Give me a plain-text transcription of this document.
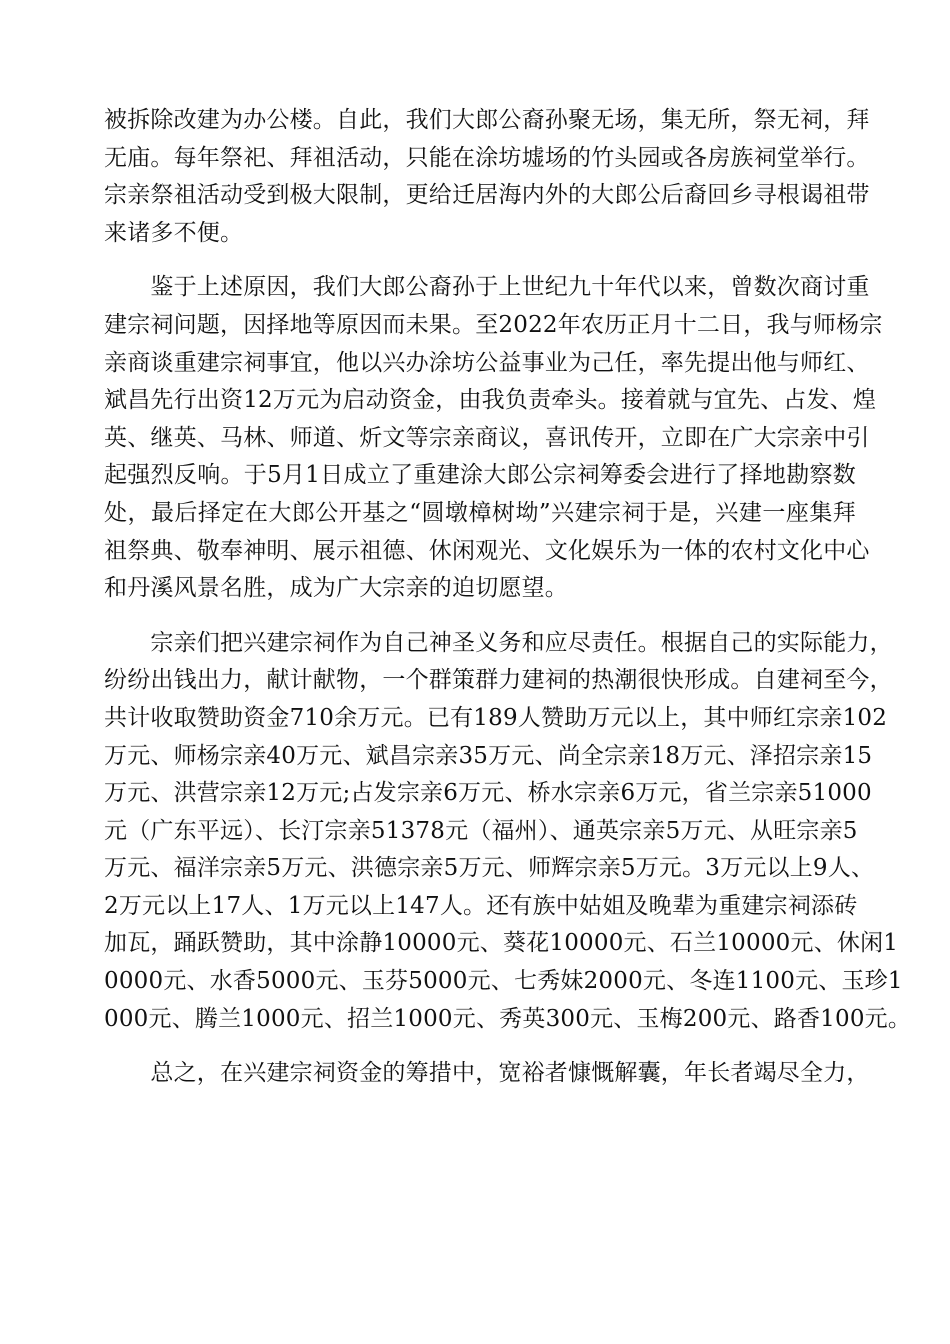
被拆除改建为办公楼。自此，我们大郎公裔孙聚无场，集无所，祭无祠，拜
无庙。每年祭祀、拜祖活动，只能在涂坊墟场的竹头园或各房族祠堂举行。
宗亲祭祖活动受到极大限制，更给迁居海内外的大郎公后裔回乡寻根谒祖带
来诸多不便。
　　鉴于上述原因，我们大郎公裔孙于上世纪九十年代以来，曾数次商讨重
建宗祠问题，因择地等原因而未果。至2022年农历正月十二日，我与师杨宗
亲商谈重建宗祠事宜，他以兴办涂坊公益事业为己任，率先提出他与师红、
斌昌先行出资12万元为启动资金，由我负责牵头。接着就与宜先、占发、煌
英、继英、马林、师道、炘文等宗亲商议，喜讯传开，立即在广大宗亲中引
起强烈反响。于5月1日成立了重建涂大郎公宗祠筹委会进行了择地勘察数
处，最后择定在大郎公开基之“圆墩樟树坳”兴建宗祠于是，兴建一座集拜
祖祭典、敬奉神明、展示祖德、休闲观光、文化娱乐为一体的农村文化中心
和丹溪风景名胜，成为广大宗亲的迫切愿望。
　　宗亲们把兴建宗祠作为自己神圣义务和应尽责任。根据自己的实际能力，
纷纷出钱出力，献计献物，一个群策群力建祠的热潮很快形成。自建祠至今，
共计收取赞助资金710余万元。已有189人赞助万元以上，其中师红宗亲102
万元、师杨宗亲40万元、斌昌宗亲35万元、尚全宗亲18万元、泽招宗亲15
万元、洪营宗亲12万元;占发宗亲6万元、桥水宗亲6万元，省兰宗亲51000
元（广东平远）、长汀宗亲51378元（福州）、通英宗亲5万元、从旺宗亲5
万元、福洋宗亲5万元、洪德宗亲5万元、师辉宗亲5万元。3万元以上9人、
2万元以上17人、1万元以上147人。还有族中姑姐及晚辈为重建宗祠添砖
加瓦，踊跃赞助，其中涂静10000元、葵花10000元、石兰10000元、休闲1
0000元、水香5000元、玉芬5000元、七秀妹2000元、冬连1100元、玉珍1
000元、腾兰1000元、招兰1000元、秀英300元、玉梅200元、路香100元。
　　总之，在兴建宗祠资金的筹措中，宽裕者慷慨解囊，年长者竭尽全力，
